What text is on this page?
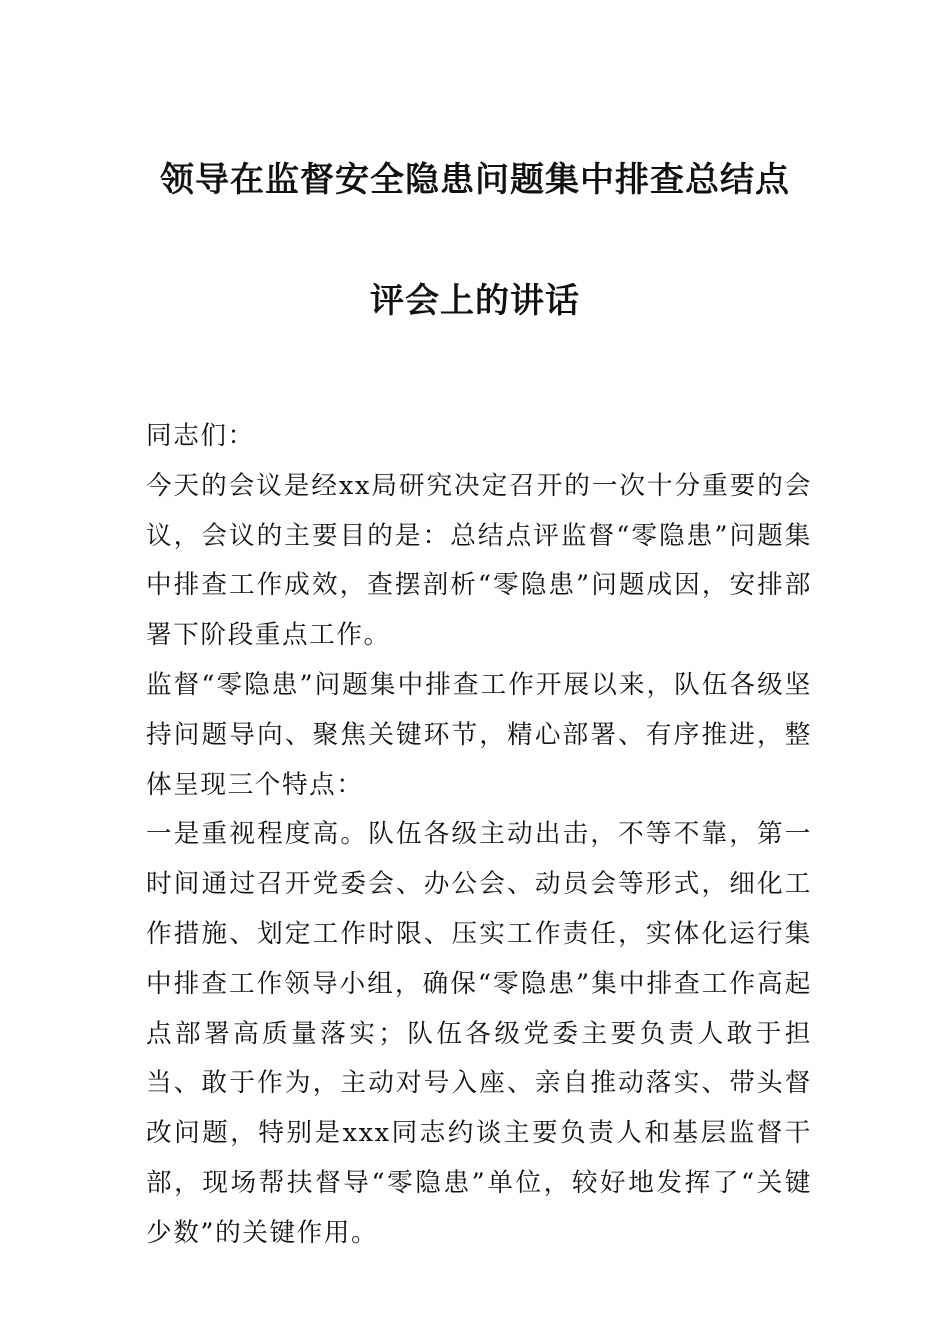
领导在监督安全隐患问题集中排查总结点
评会上的讲话

同志们：

今天的会议是经xx局研究决定召开的一次十分重要的会议，会议的主要目的是：总结点评监督“零隐患”问题集中排查工作成效，查摆剖析“零隐患”问题成因，安排部署下阶段重点工作。

监督“零隐患”问题集中排查工作开展以来，队伍各级坚持问题导向、聚焦关键环节，精心部署、有序推进，整体呈现三个特点：

一是重视程度高。队伍各级主动出击，不等不靠，第一时间通过召开党委会、办公会、动员会等形式，细化工作措施、划定工作时限、压实工作责任，实体化运行集中排查工作领导小组，确保“零隐患”集中排查工作高起点部署高质量落实；队伍各级党委主要负责人敢于担当、敢于作为，主动对号入座、亲自推动落实、带头督改问题，特别是xxx同志约谈主要负责人和基层监督干部，现场帮扶督导“零隐患”单位，较好地发挥了“关键少数”的关键作用。
